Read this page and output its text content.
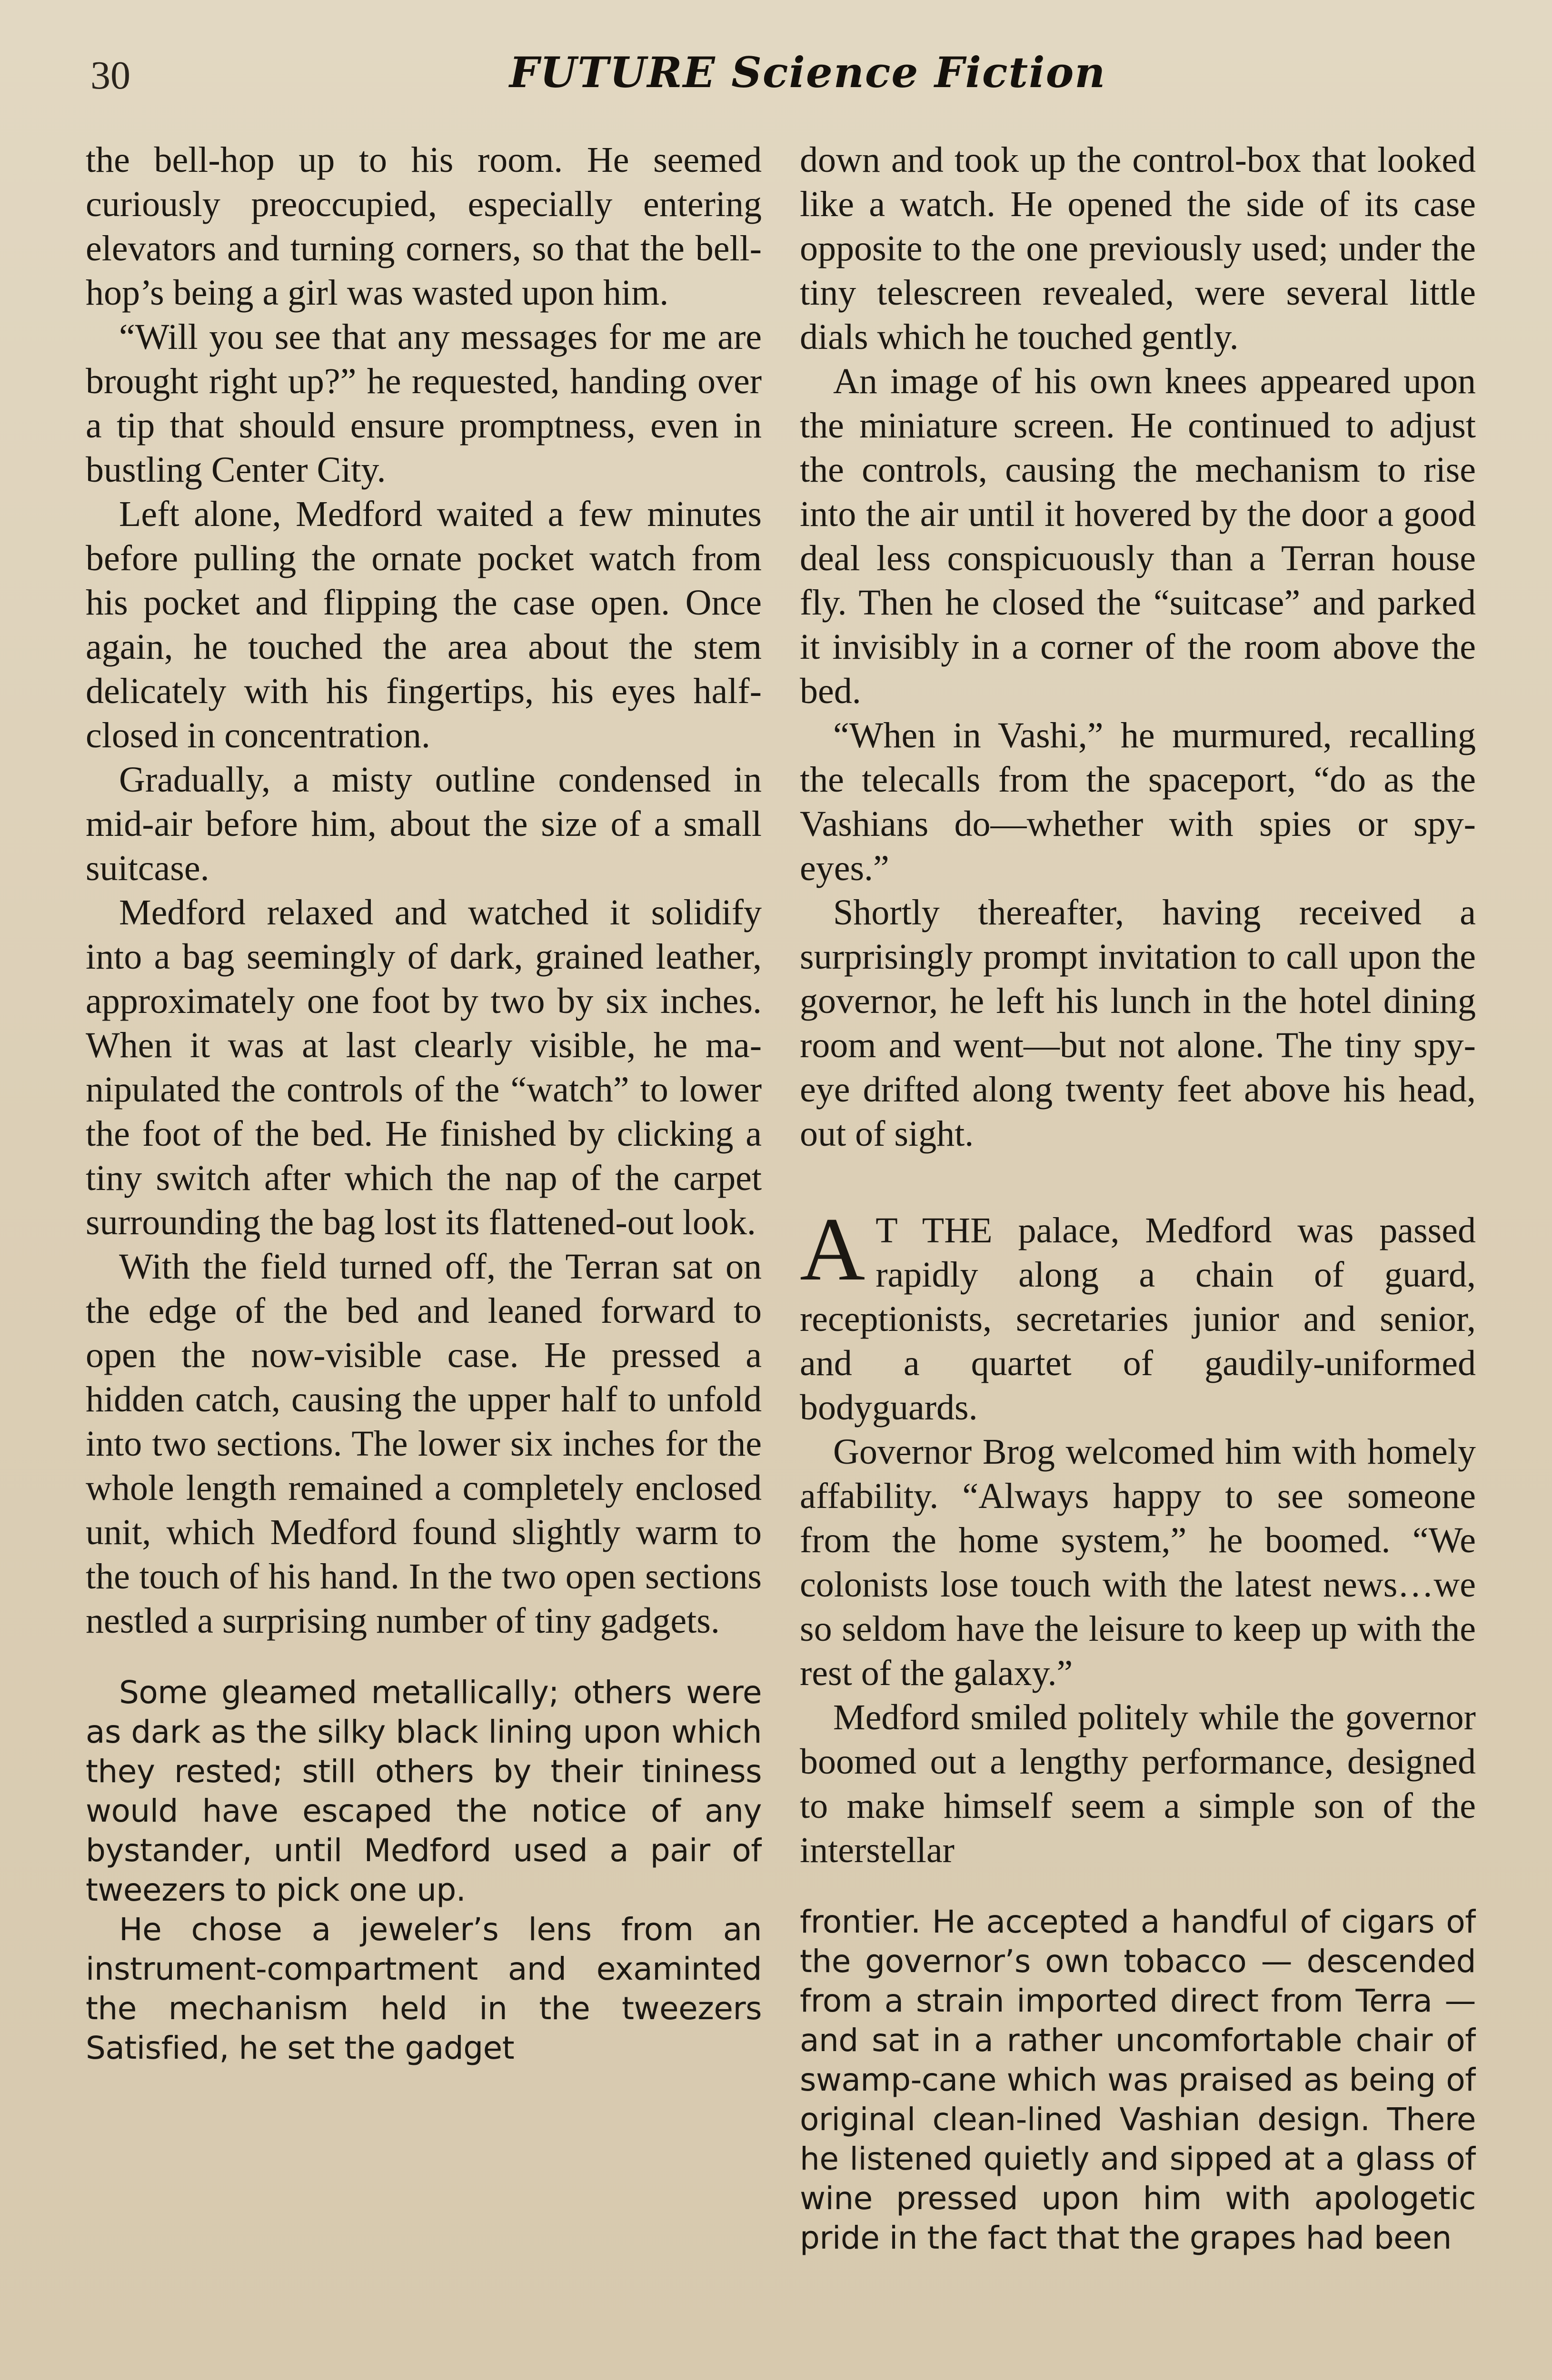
30	FUTURE Science Fiction

the bell-hop up to his room. He seemed curiously preoccupied, especially entering elevators and turning corners, so that the bell-hop’s being a girl was wasted upon him.

“Will you see that any messages for me are brought right up?” he requested, handing over a tip that should ensure promptness, even in bustling Center City.

Left alone, Medford waited a few minutes before pulling the ornate pocket watch from his pocket and flipping the case open. Once again, he touched the area about the stem delicately with his fingertips, his eyes half-closed in concentration.

Gradually, a misty outline condensed in mid-air before him, about the size of a small suitcase.

Medford relaxed and watched it solidify into a bag seemingly of dark, grained leather, approximately one foot by two by six inches. When it was at last clearly visible, he manipulated the controls of the “watch” to lower the foot of the bed. He finished by clicking a tiny switch after which the nap of the carpet surrounding the bag lost its flattened-out look.

With the field turned off, the Terran sat on the edge of the bed and leaned forward to open the now-visible case. He pressed a hidden catch, causing the upper half to unfold into two sections. The lower six inches for the whole length remained a completely enclosed unit, which Medford found slightly warm to the touch of his hand. In the two open sections nestled a surprising number of tiny gadgets.

Some gleamed metallically; others were as dark as the silky black lining upon which they rested; still others by their tininess would have escaped the notice of any bystander, until Medford used a pair of tweezers to pick one up.

He chose a jeweler’s lens from an instrument-compartment and examinted the mechanism held in the tweezers Satisfied, he set the gadget

down and took up the control-box that looked like a watch. He opened the side of its case opposite to the one previously used; under the tiny telescreen revealed, were several little dials which he touched gently.

An image of his own knees appeared upon the miniature screen. He continued to adjust the controls, causing the mechanism to rise into the air until it hovered by the door a good deal less conspicuously than a Terran house fly. Then he closed the “suitcase” and parked it invisibly in a corner of the room above the bed.

“When in Vashi,” he murmured, recalling the telecalls from the spaceport, “do as the Vashians do—whether with spies or spy-eyes.”

Shortly thereafter, having received a surprisingly prompt invitation to call upon the governor, he left his lunch in the hotel dining room and went—but not alone. The tiny spy-eye drifted along twenty feet above his head, out of sight.

A T THE palace, Medford was passed rapidly along a chain of guard, receptionists, secretaries junior and senior, and a quartet of gaudily-uniformed bodyguards.

Governor Brog welcomed him with homely affability. “Always happy to see someone from the home system,” he boomed. “We colonists lose touch with the latest news…we so seldom have the leisure to keep up with the rest of the galaxy.”

Medford smiled politely while the governor boomed out a lengthy performance, designed to make himself seem a simple son of the interstellar

frontier. He accepted a handful of cigars of the governor’s own tobacco — descended from a strain imported direct from Terra — and sat in a rather uncomfortable chair of swamp-cane which was praised as being of original clean-lined Vashian design. There he listened quietly and sipped at a glass of wine pressed upon him with apologetic pride in the fact that the grapes had been
